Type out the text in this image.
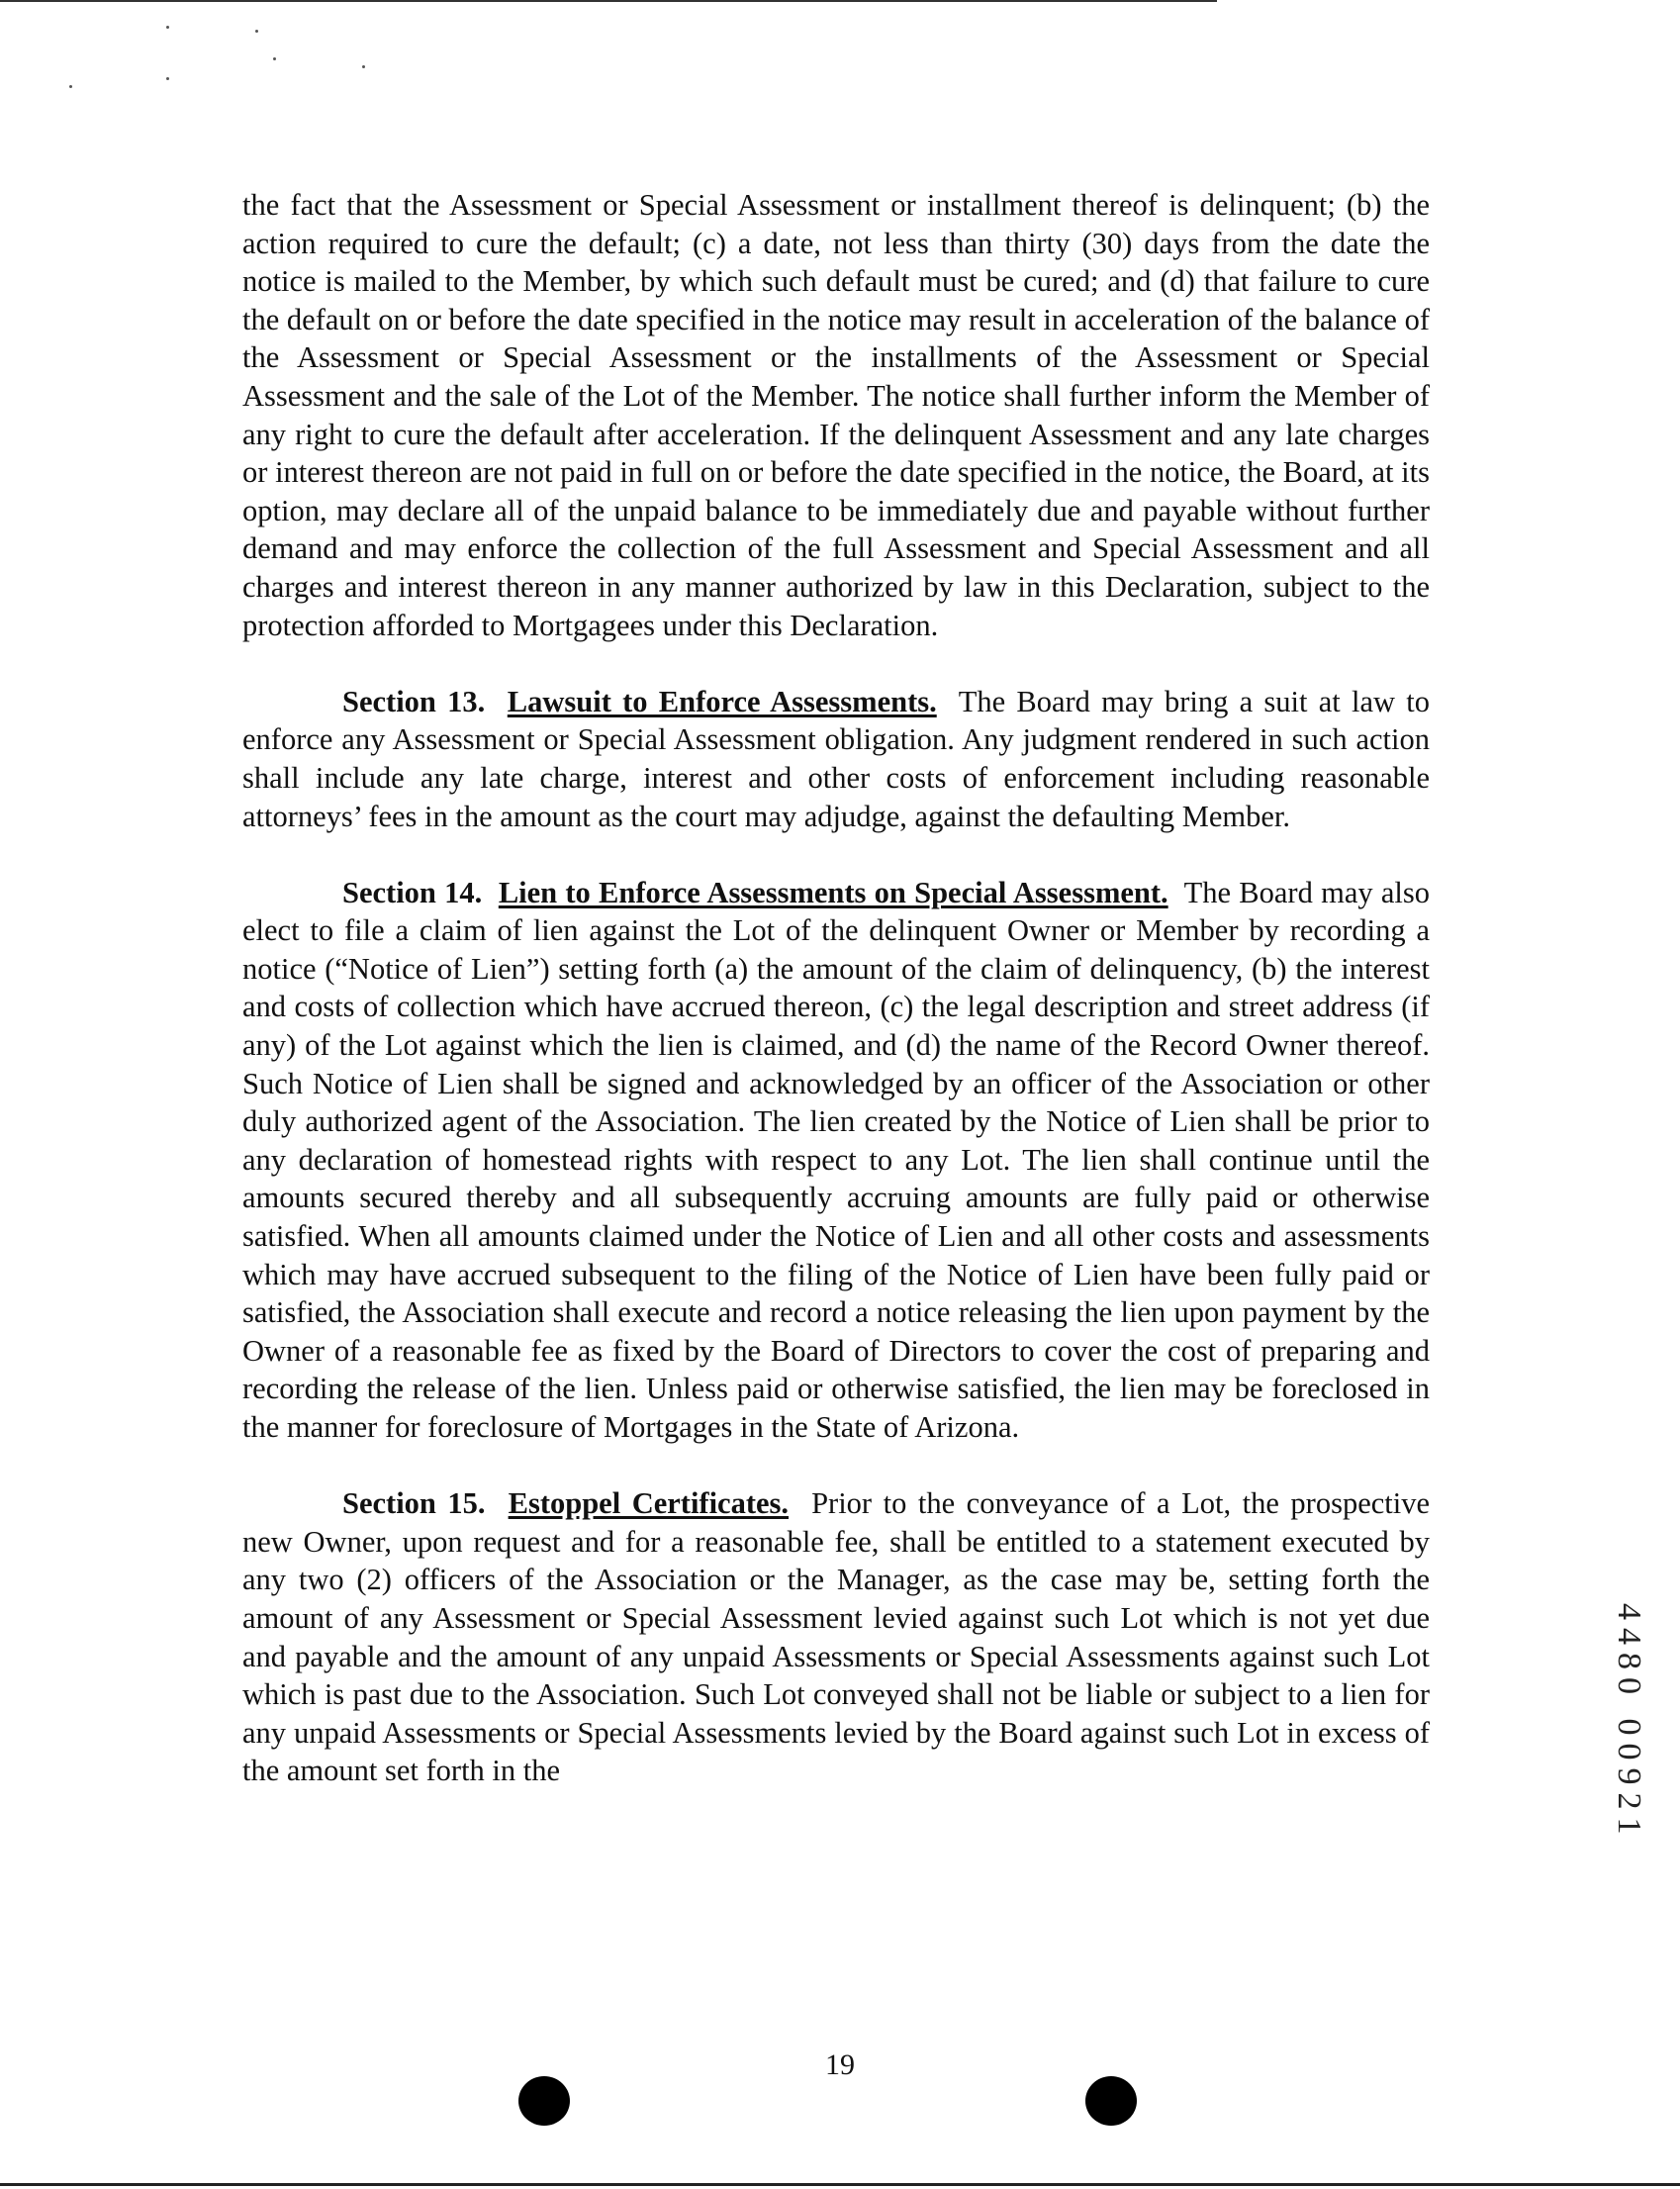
the fact that the Assessment or Special Assessment or installment thereof is delinquent; (b) the action required to cure the default; (c) a date, not less than thirty (30) days from the date the notice is mailed to the Member, by which such default must be cured; and (d) that failure to cure the default on or before the date specified in the notice may result in acceleration of the balance of the Assessment or Special Assessment or the installments of the Assessment or Special Assessment and the sale of the Lot of the Member. The notice shall further inform the Member of any right to cure the default after acceleration. If the delinquent Assessment and any late charges or interest thereon are not paid in full on or before the date specified in the notice, the Board, at its option, may declare all of the unpaid balance to be immediately due and payable without further demand and may enforce the collection of the full Assessment and Special Assessment and all charges and interest thereon in any manner authorized by law in this Declaration, subject to the protection afforded to Mortgagees under this Declaration.

Section 13. Lawsuit to Enforce Assessments. The Board may bring a suit at law to enforce any Assessment or Special Assessment obligation. Any judgment rendered in such action shall include any late charge, interest and other costs of enforcement including reasonable attorneys’ fees in the amount as the court may adjudge, against the defaulting Member.

Section 14. Lien to Enforce Assessments on Special Assessment. The Board may also elect to file a claim of lien against the Lot of the delinquent Owner or Member by recording a notice (“Notice of Lien”) setting forth (a) the amount of the claim of delinquency, (b) the interest and costs of collection which have accrued thereon, (c) the legal description and street address (if any) of the Lot against which the lien is claimed, and (d) the name of the Record Owner thereof. Such Notice of Lien shall be signed and acknowledged by an officer of the Association or other duly authorized agent of the Association. The lien created by the Notice of Lien shall be prior to any declaration of homestead rights with respect to any Lot. The lien shall continue until the amounts secured thereby and all subsequently accruing amounts are fully paid or otherwise satisfied. When all amounts claimed under the Notice of Lien and all other costs and assessments which may have accrued subsequent to the filing of the Notice of Lien have been fully paid or satisfied, the Association shall execute and record a notice releasing the lien upon payment by the Owner of a reasonable fee as fixed by the Board of Directors to cover the cost of preparing and recording the release of the lien. Unless paid or otherwise satisfied, the lien may be foreclosed in the manner for foreclosure of Mortgages in the State of Arizona.

Section 15. Estoppel Certificates. Prior to the conveyance of a Lot, the prospective new Owner, upon request and for a reasonable fee, shall be entitled to a statement executed by any two (2) officers of the Association or the Manager, as the case may be, setting forth the amount of any Assessment or Special Assessment levied against such Lot which is not yet due and payable and the amount of any unpaid Assessments or Special Assessments against such Lot which is past due to the Association. Such Lot conveyed shall not be liable or subject to a lien for any unpaid Assessments or Special Assessments levied by the Board against such Lot in excess of the amount set forth in the	4480 00921
19
